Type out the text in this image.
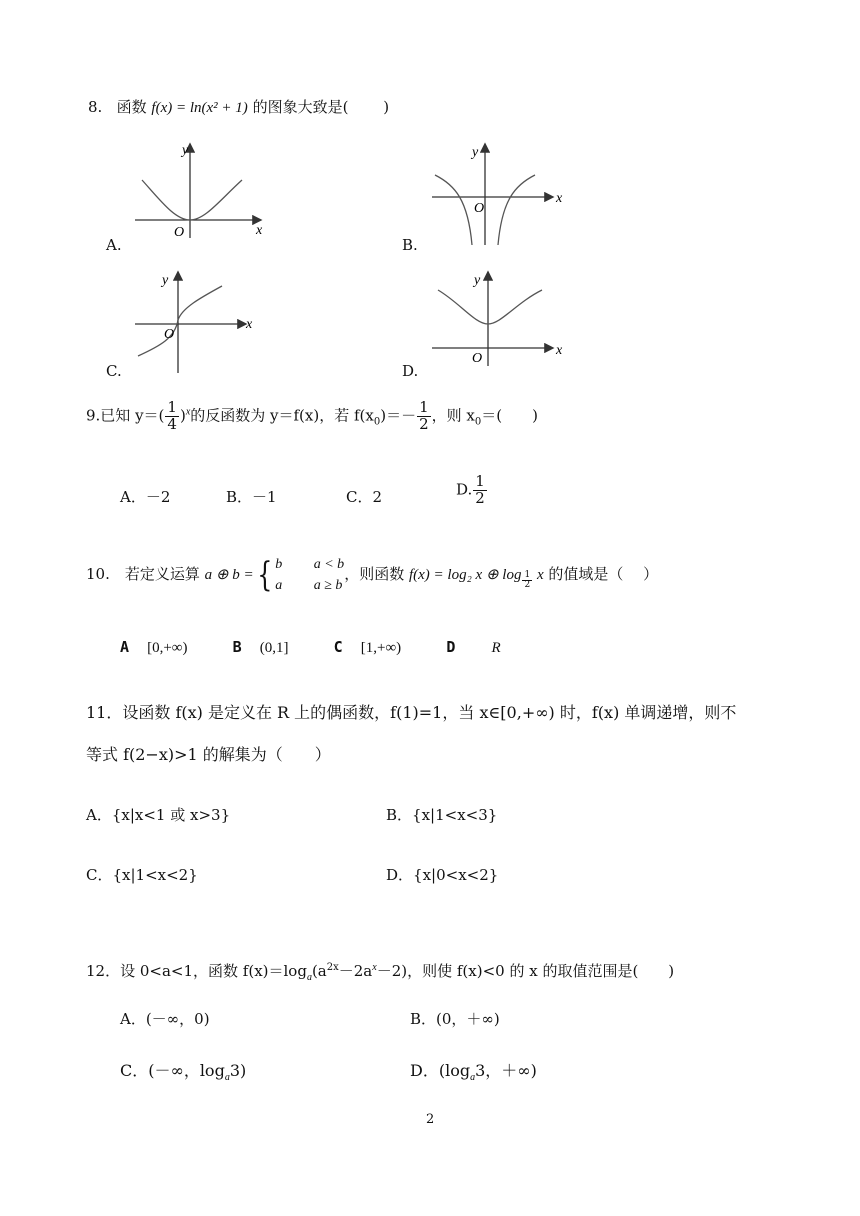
8. 函数 f(x) = ln(x² + 1) 的图象大致是(　　 )
y
x
O
A.
y
x
O
B.
y
x
O
C.
y
x
O
D.
9.已知 $y=( \frac{1}{4} )^x$的反函数为 y＝f(x)，若 $f(x_0)=- \frac{1}{2}$ ，则 $x_0=$(　　)
A．－2	B．－1	C．2	D. $\frac{1}{2}$
10.　若定义运算 a ⊕ b ={ b　　 a < b
a　　 a ≥ b
，则函数 f(x) = log₂ x ⊕ log $_{\frac{1}{2}}$ x 的值域是（　 ）
A [0,+∞)	B (0,1]	C [1,+∞)	D R
11．设函数 f(x) 是定义在 R 上的偶函数，f(1)=1，当 x∈[0,+∞) 时，f(x) 单调递增，则不
等式 f(2−x)>1 的解集为（　　）
A．{x|x<1 或 x>3}	B．{x|1<x<3}
C．{x|1<x<2}	D．{x|0<x<2}
12．设 0<a<1，函数 $f(x)=\log_a(a^{2x}-2a^x-2)$，则使 f(x)<0 的 x 的取值范围是(　　)
A．(－∞，0)	B．(0，＋∞)
C．(－∞，$\log_a3$)	D．($\log_a3$，＋∞)
2
